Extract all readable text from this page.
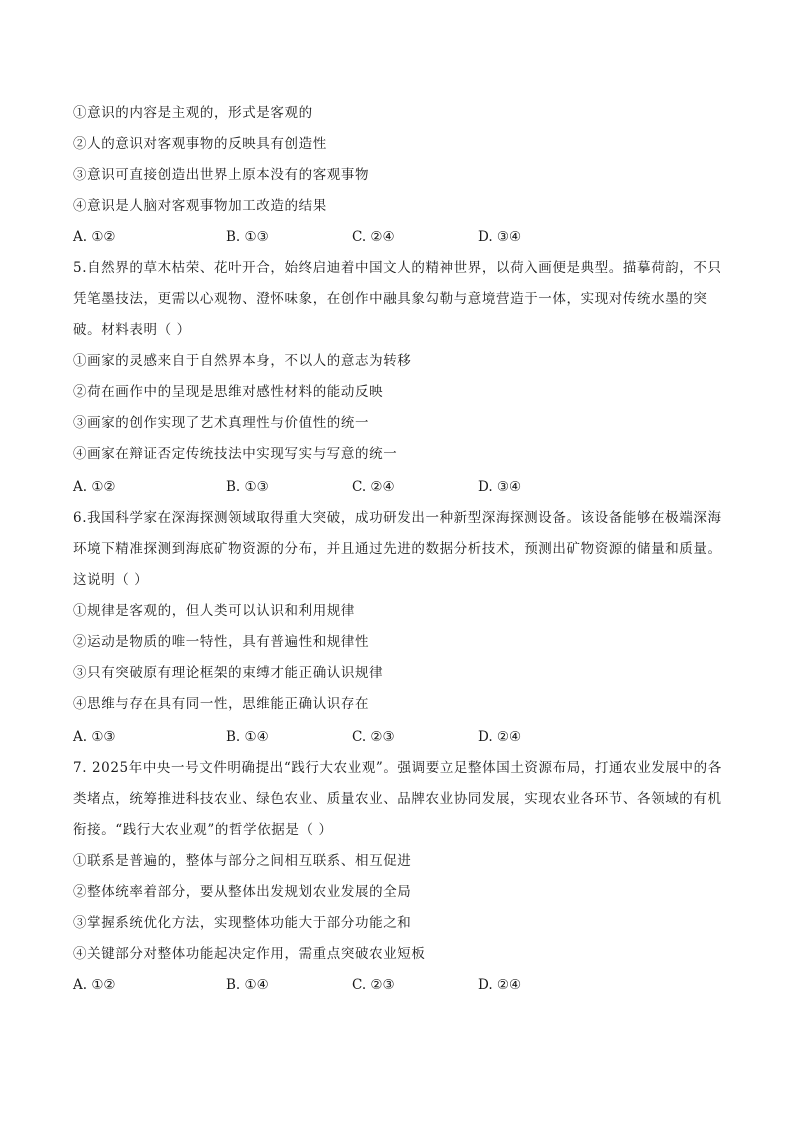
①意识的内容是主观的，形式是客观的
②人的意识对客观事物的反映具有创造性
③意识可直接创造出世界上原本没有的客观事物
④意识是人脑对客观事物加工改造的结果
A. ①②	B. ①③	C. ②④	D. ③④
5.自然界的草木枯荣、花叶开合，始终启迪着中国文人的精神世界，以荷入画便是典型。描摹荷韵，不只
凭笔墨技法，更需以心观物、澄怀味象，在创作中融具象勾勒与意境营造于一体，实现对传统水墨的突
破。材料表明（ ）
①画家的灵感来自于自然界本身，不以人的意志为转移
②荷在画作中的呈现是思维对感性材料的能动反映
③画家的创作实现了艺术真理性与价值性的统一
④画家在辩证否定传统技法中实现写实与写意的统一
A. ①②	B. ①③	C. ②④	D. ③④
6.我国科学家在深海探测领域取得重大突破，成功研发出一种新型深海探测设备。该设备能够在极端深海
环境下精准探测到海底矿物资源的分布，并且通过先进的数据分析技术，预测出矿物资源的储量和质量。
这说明（ ）
①规律是客观的，但人类可以认识和利用规律
②运动是物质的唯一特性，具有普遍性和规律性
③只有突破原有理论框架的束缚才能正确认识规律
④思维与存在具有同一性，思维能正确认识存在
A. ①③	B. ①④	C. ②③	D. ②④
7. 2025年中央一号文件明确提出“践行大农业观”。强调要立足整体国土资源布局，打通农业发展中的各
类堵点，统筹推进科技农业、绿色农业、质量农业、品牌农业协同发展，实现农业各环节、各领域的有机
衔接。“践行大农业观”的哲学依据是（ ）
①联系是普遍的，整体与部分之间相互联系、相互促进
②整体统率着部分，要从整体出发规划农业发展的全局
③掌握系统优化方法，实现整体功能大于部分功能之和
④关键部分对整体功能起决定作用，需重点突破农业短板
A. ①②	B. ①④	C. ②③	D. ②④
